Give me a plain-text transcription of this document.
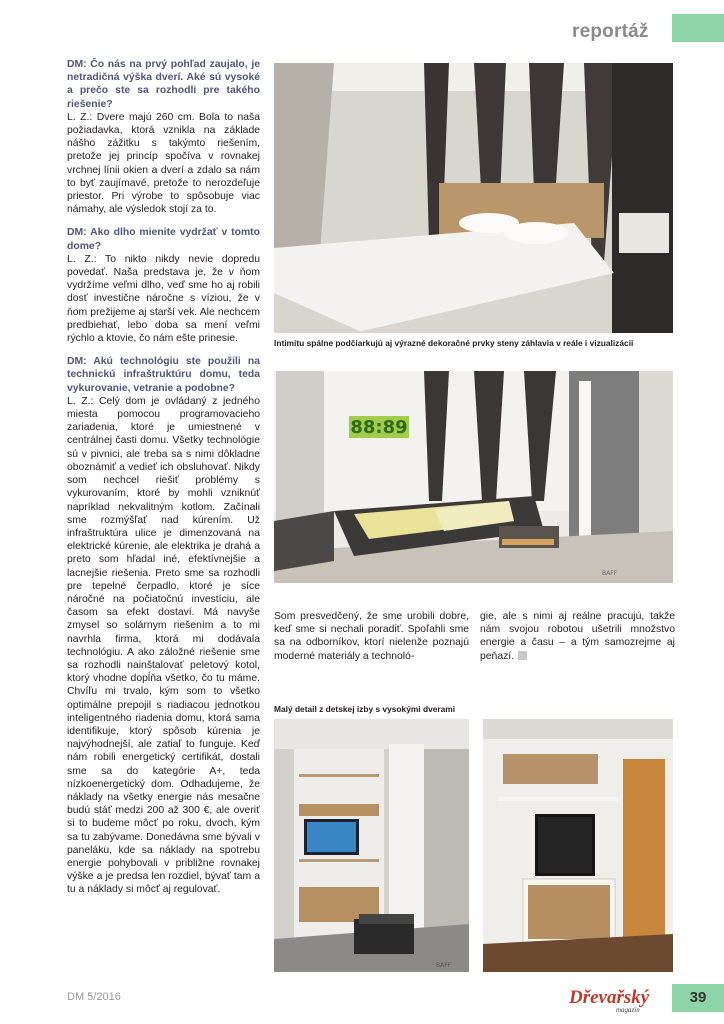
reportáž

DM: Čo nás na prvý pohľad zaujalo, je netradičná výška dverí. Aké sú vysoké a prečo ste sa rozhodli pre takého riešenie?

L. Z.: Dvere majú 260 cm. Bola to naša požiadavka, ktorá vznikla na základe nášho zážitku s takýmto riešením, pretože jej princíp spočíva v rovnakej vrchnej línii okien a dverí a zdalo sa nám to byť zaujímavé, pretože to nerozdeľuje priestor. Pri výrobe to spôsobuje viac námahy, ale výsledok stojí za to.

DM: Ako dlho mienite vydržať v tomto dome?

L. Z.: To nikto nikdy nevie dopredu povedať. Naša predstava je, že v ňom vydržíme veľmi dlho, veď sme ho aj robili dosť investične náročne s víziou, že v ňom prežijeme aj starší vek. Ale nechcem predbiehať, lebo doba sa mení veľmi rýchlo a ktovie, čo nám ešte prinesie.

DM: Akú technológiu ste použili na technickú infraštruktúru domu, teda vykurovanie, vetranie a podobne?

L. Z.: Celý dom je ovládaný z jedného miesta pomocou programovacieho zariadenia, ktoré je umiestnené v centrálnej časti domu. Všetky technológie sú v pivnici, ale treba sa s nimi dôkladne oboznámiť a vedieť ich obsluhovať. Nikdy som nechcel riešiť problémy s vykurovaním, ktoré by mohli vzniknúť napríklad nekvalitným kotlom. Začínali sme rozmýšľať nad kúrením. Už infraštruktúra ulice je dimenzovaná na elektrické kúrenie, ale elektrika je drahá a preto som hľadal iné, efektívnejšie a lacnejšie riešenia. Preto sme sa rozhodli pre tepelné čerpadlo, ktoré je síce náročné na počiatočnú investíciu, ale časom sa efekt dostaví. Má navyše zmysel so solárnym riešením a to mi navrhla firma, ktorá mi dodávala technológiu. A ako záložné riešenie sme sa rozhodli nainštalovať peletový kotol, ktorý vhodne dopĺňa všetko, čo tu máme. Chvíľu mi trvalo, kým som to všetko optimálne prepojil s riadiacou jednotkou inteligentného riadenia domu, ktorá sama identifikuje, ktorý spôsob kúrenia je najvýhodnejší, ale zatiaľ to funguje. Keď nám robili energetický certifikát, dostali sme sa do kategórie A+, teda nízkoenergetický dom. Odhadujeme, že náklady na všetky energie nás mesačne budú stáť medzi 200 až 300 €, ale overiť si to budeme môcť po roku, dvoch, kým sa tu zabývame. Donedávna sme bývali v paneláku, kde sa náklady na spotrebu energie pohybovali v približne rovnakej výške a je predsa len rozdiel, bývať tam a tu a náklady si môcť aj regulovať.

Intimitu spálne podčiarkujú aj výrazné dekoračné prvky steny záhlavia v reále i vizualizácii
88:89
BAFF
Som presvedčený, že sme urobili dobre, keď sme si nechali poradiť. Spoľahli sme sa na odborníkov, ktorí nielenže poznajú moderné materiály a technoló-
gie, ale s nimi aj reálne pracujú, takže nám svojou robotou ušetrili množstvo energie a času – a tým samozrejme aj peňazí.
Malý detail z detskej izby s vysokými dverami
BAFF
DM 5/2016	Dřevařský
magazín
39
